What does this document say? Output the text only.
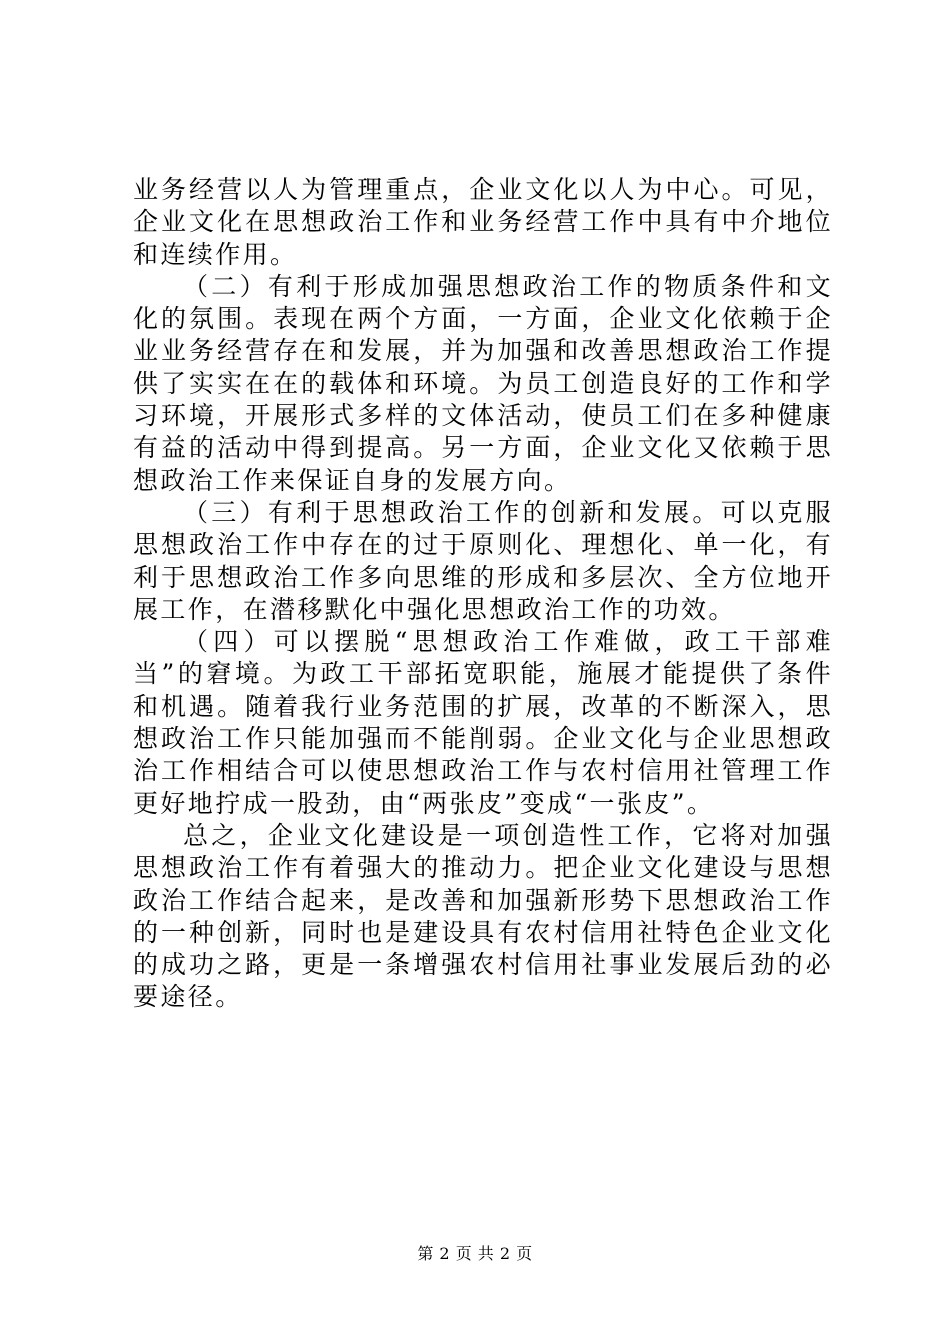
业务经营以人为管理重点，企业文化以人为中心。可见，企业文化在思想政治工作和业务经营工作中具有中介地位和连续作用。

（二）有利于形成加强思想政治工作的物质条件和文化的氛围。表现在两个方面，一方面，企业文化依赖于企业业务经营存在和发展，并为加强和改善思想政治工作提供了实实在在的载体和环境。为员工创造良好的工作和学习环境，开展形式多样的文体活动，使员工们在多种健康有益的活动中得到提高。另一方面，企业文化又依赖于思想政治工作来保证自身的发展方向。

（三）有利于思想政治工作的创新和发展。可以克服思想政治工作中存在的过于原则化、理想化、单一化，有利于思想政治工作多向思维的形成和多层次、全方位地开展工作，在潜移默化中强化思想政治工作的功效。

（四）可以摆脱“思想政治工作难做，政工干部难当”的窘境。为政工干部拓宽职能，施展才能提供了条件和机遇。随着我行业务范围的扩展，改革的不断深入，思想政治工作只能加强而不能削弱。企业文化与企业思想政治工作相结合可以使思想政治工作与农村信用社管理工作更好地拧成一股劲，由“两张皮”变成“一张皮”。

总之，企业文化建设是一项创造性工作，它将对加强思想政治工作有着强大的推动力。把企业文化建设与思想政治工作结合起来，是改善和加强新形势下思想政治工作的一种创新，同时也是建设具有农村信用社特色企业文化的成功之路，更是一条增强农村信用社事业发展后劲的必要途径。

第 2 页 共 2 页
